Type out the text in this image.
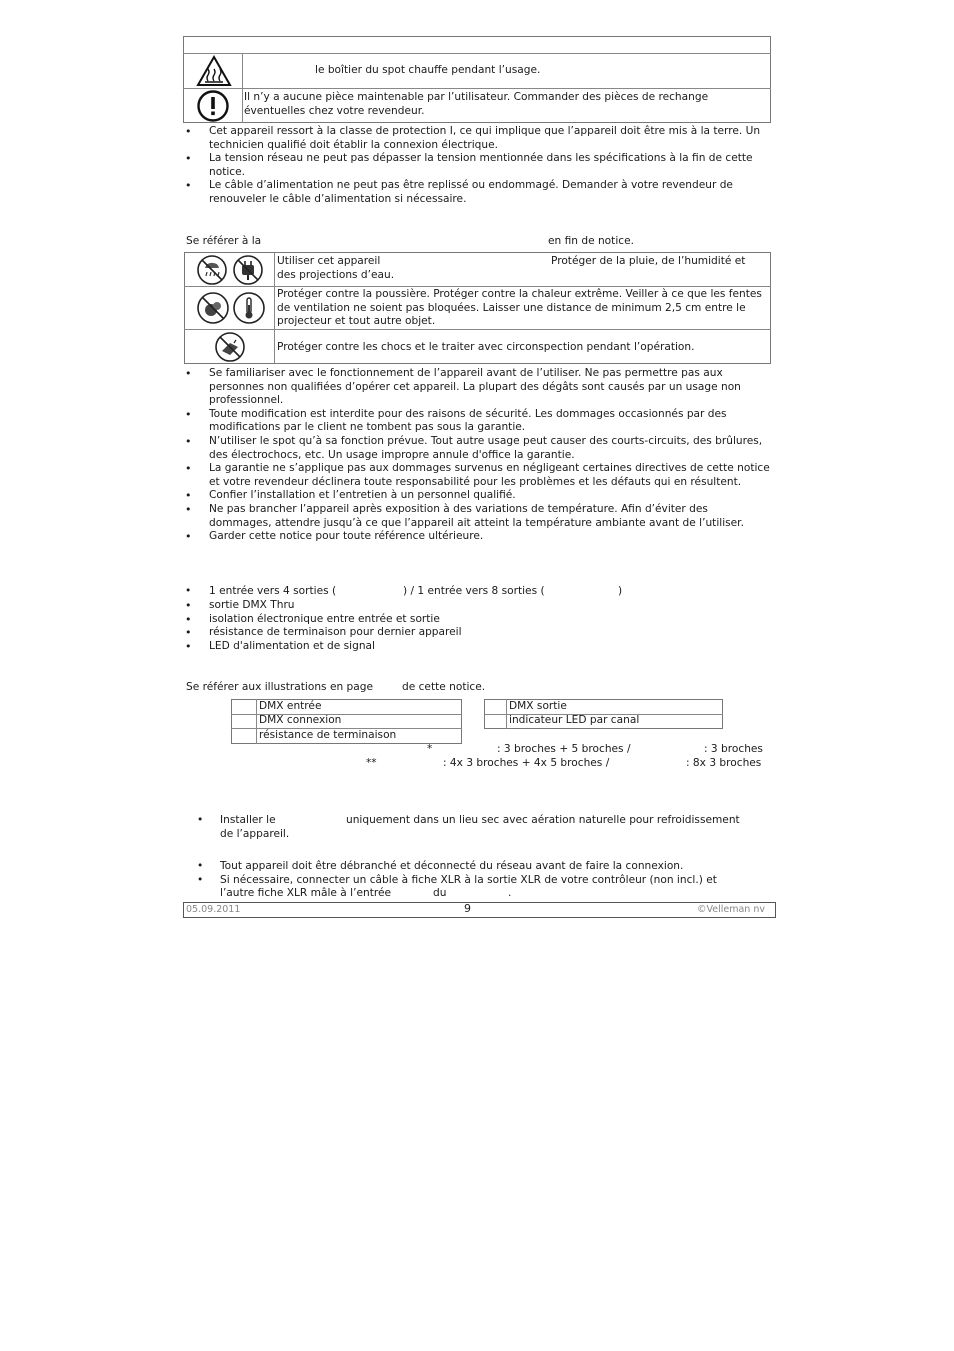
le boîtier du spot chauffe pendant l’usage.
Il n’y a aucune pièce maintenable par l’utilisateur. Commander des pièces de rechange éventuelles chez votre revendeur.
• Cet appareil ressort à la classe de protection I, ce qui implique que l’appareil doit être mis à la terre. Un technicien qualifié doit établir la connexion électrique.
• La tension réseau ne peut pas dépasser la tension mentionnée dans les spécifications à la fin de cette notice.
• Le câble d’alimentation ne peut pas être replissé ou endommagé. Demander à votre revendeur de renouveler le câble d’alimentation si nécessaire.
Se référer à la	en fin de notice.
Utiliser cet appareil	Protéger de la pluie, de l’humidité et
des projections d’eau.
Protéger contre la poussière. Protéger contre la chaleur extrême. Veiller à ce que les fentes de ventilation ne soient pas bloquées. Laisser une distance de minimum 2,5 cm entre le projecteur et tout autre objet.
Protéger contre les chocs et le traiter avec circonspection pendant l’opération.
• Se familiariser avec le fonctionnement de l’appareil avant de l’utiliser. Ne pas permettre pas aux personnes non qualifiées d’opérer cet appareil. La plupart des dégâts sont causés par un usage non professionnel.
• Toute modification est interdite pour des raisons de sécurité. Les dommages occasionnés par des modifications par le client ne tombent pas sous la garantie.
• N’utiliser le spot qu’à sa fonction prévue. Tout autre usage peut causer des courts-circuits, des brûlures, des électrochocs, etc. Un usage impropre annule d'office la garantie.
• La garantie ne s’applique pas aux dommages survenus en négligeant certaines directives de cette notice et votre revendeur déclinera toute responsabilité pour les problèmes et les défauts qui en résultent.
• Confier l’installation et l’entretien à un personnel qualifié.
• Ne pas brancher l’appareil après exposition à des variations de température. Afin d’éviter des dommages, attendre jusqu’à ce que l’appareil ait atteint la température ambiante avant de l’utiliser.
• Garder cette notice pour toute référence ultérieure.
• 1 entrée vers 4 sorties (	) / 1 entrée vers 8 sorties (	)
• sortie DMX Thru
• isolation électronique entre entrée et sortie
• résistance de terminaison pour dernier appareil
• LED d'alimentation et de signal
Se référer aux illustrations en page	de cette notice.
DMX entrée
DMX connexion
résistance de terminaison
DMX sortie
indicateur LED par canal
*	: 3 broches + 5 broches /	: 3 broches
**	: 4x 3 broches + 4x 5 broches /	: 8x 3 broches
• Installer le	uniquement dans un lieu sec avec aération naturelle pour refroidissement
de l’appareil.
• Tout appareil doit être débranché et déconnecté du réseau avant de faire la connexion.
• Si nécessaire, connecter un câble à fiche XLR à la sortie XLR de votre contrôleur (non incl.) et
l’autre fiche XLR mâle à l’entrée	du	.
05.09.2011	9	©Velleman nv
